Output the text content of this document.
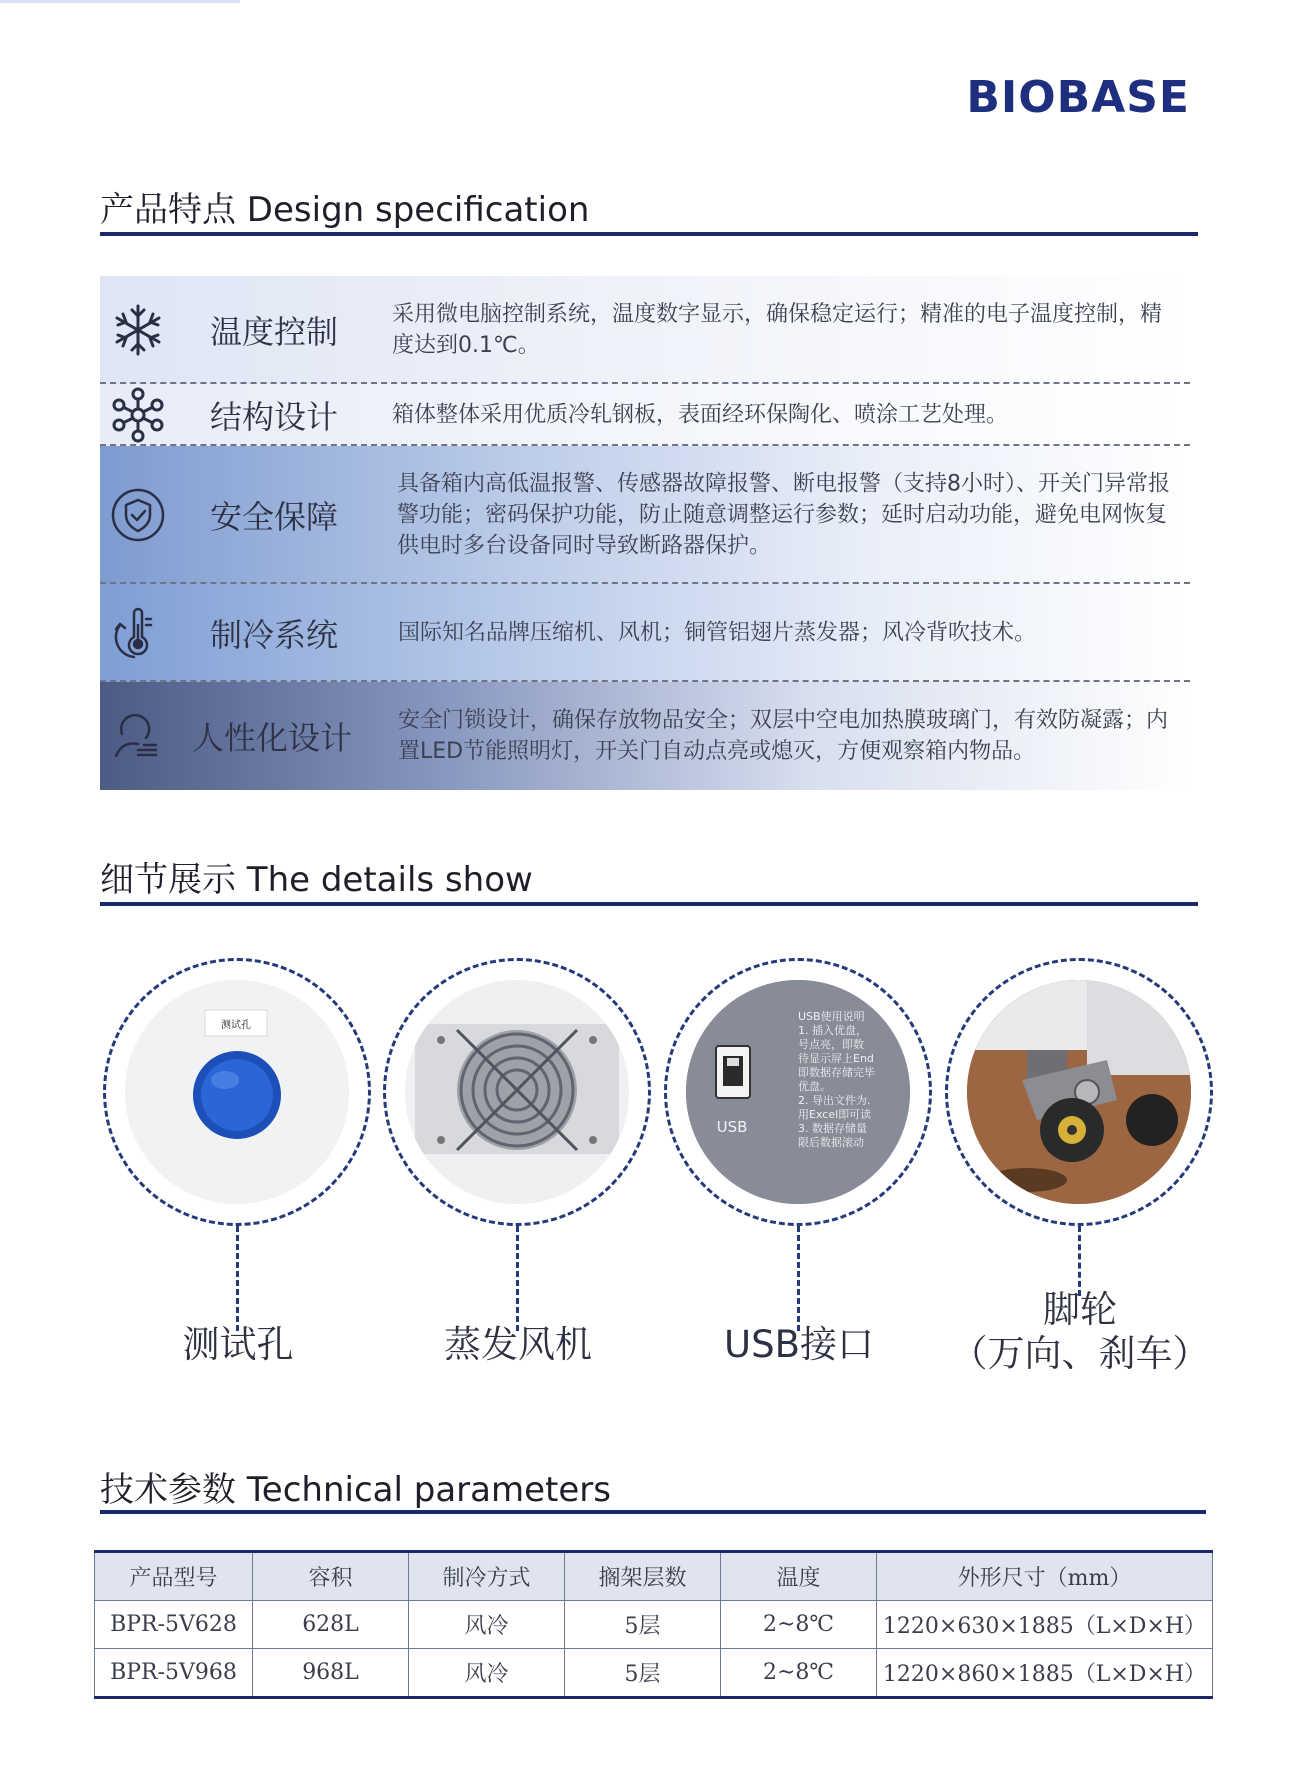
BIOBASE
产品特点 Design specification
温度控制 采用微电脑控制系统，温度数字显示，确保稳定运行；精准的电子温度控制，精度达到0.1℃。
结构设计 箱体整体采用优质冷轧钢板，表面经环保陶化、喷涂工艺处理。
安全保障
具备箱内高低温报警、传感器故障报警、断电报警（支持8小时）、开关门异常报警功能；密码保护功能，防止随意调整运行参数；延时启动功能，避免电网恢复供电时多台设备同时导致断路器保护。
制冷系统	国际知名品牌压缩机、风机；铜管铝翅片蒸发器；风冷背吹技术。
人性化设计 安全门锁设计，确保存放物品安全；双层中空电加热膜玻璃门，有效防凝露；内置LED节能照明灯，开关门自动点亮或熄灭，方便观察箱内物品。
细节展示 The details show
测试孔
测试孔	蒸发风机
USB
USB使用说明
1. 插入优盘，
号点亮，即数
待显示屏上End
即数据存储完毕
优盘。
2. 导出文件为.
用Excel即可读
3. 数据存储量
限后数据滚动
USB接口
脚轮
（万向、刹车）
技术参数 Technical parameters
产品型号	容积	制冷方式	搁架层数	温度	外形尺寸（mm）
BPR-5V628	628L	风冷	5层	2~8℃	1220×630×1885（L×D×H）
BPR-5V968	968L	风冷	5层	2~8℃	1220×860×1885（L×D×H）
